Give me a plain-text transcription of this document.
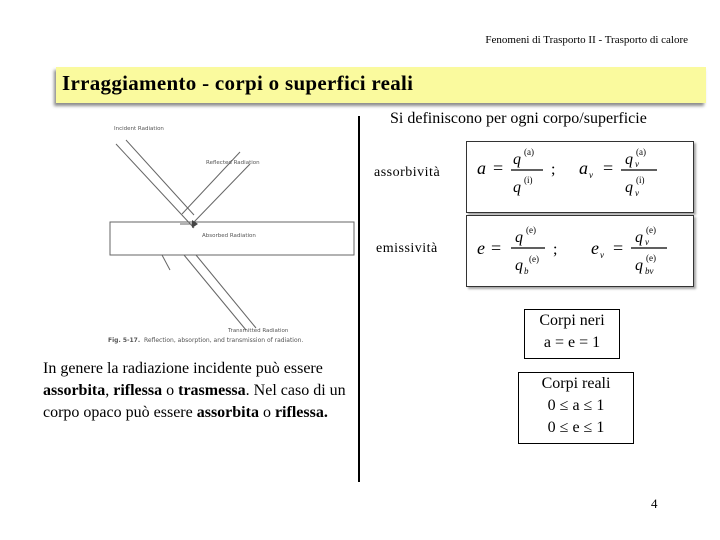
Fenomeni di Trasporto II - Trasporto di calore
Irraggiamento - corpi o superfici reali
Incident Radiation
Reflected Radiation
Absorbed Radiation
Transmitted Radiation
Fig. 5-17. Reflection, absorption, and transmission of radiation.
Si definiscono per ogni corpo/superficie
assorbività a = q (a)
q (i)
; a ν = q (a)
ν
q (i)
ν
emissività e =
q (e)
q b
(e)
; e ν =
q (e)
ν
q (e)
bν
Corpi neri
a = e = 1
Corpi reali
0 ≤ a ≤ 1
0 ≤ e ≤ 1
In genere la radiazione incidente può essere assorbita, riflessa o trasmessa. Nel caso di un corpo opaco può essere assorbita o riflessa.
4
